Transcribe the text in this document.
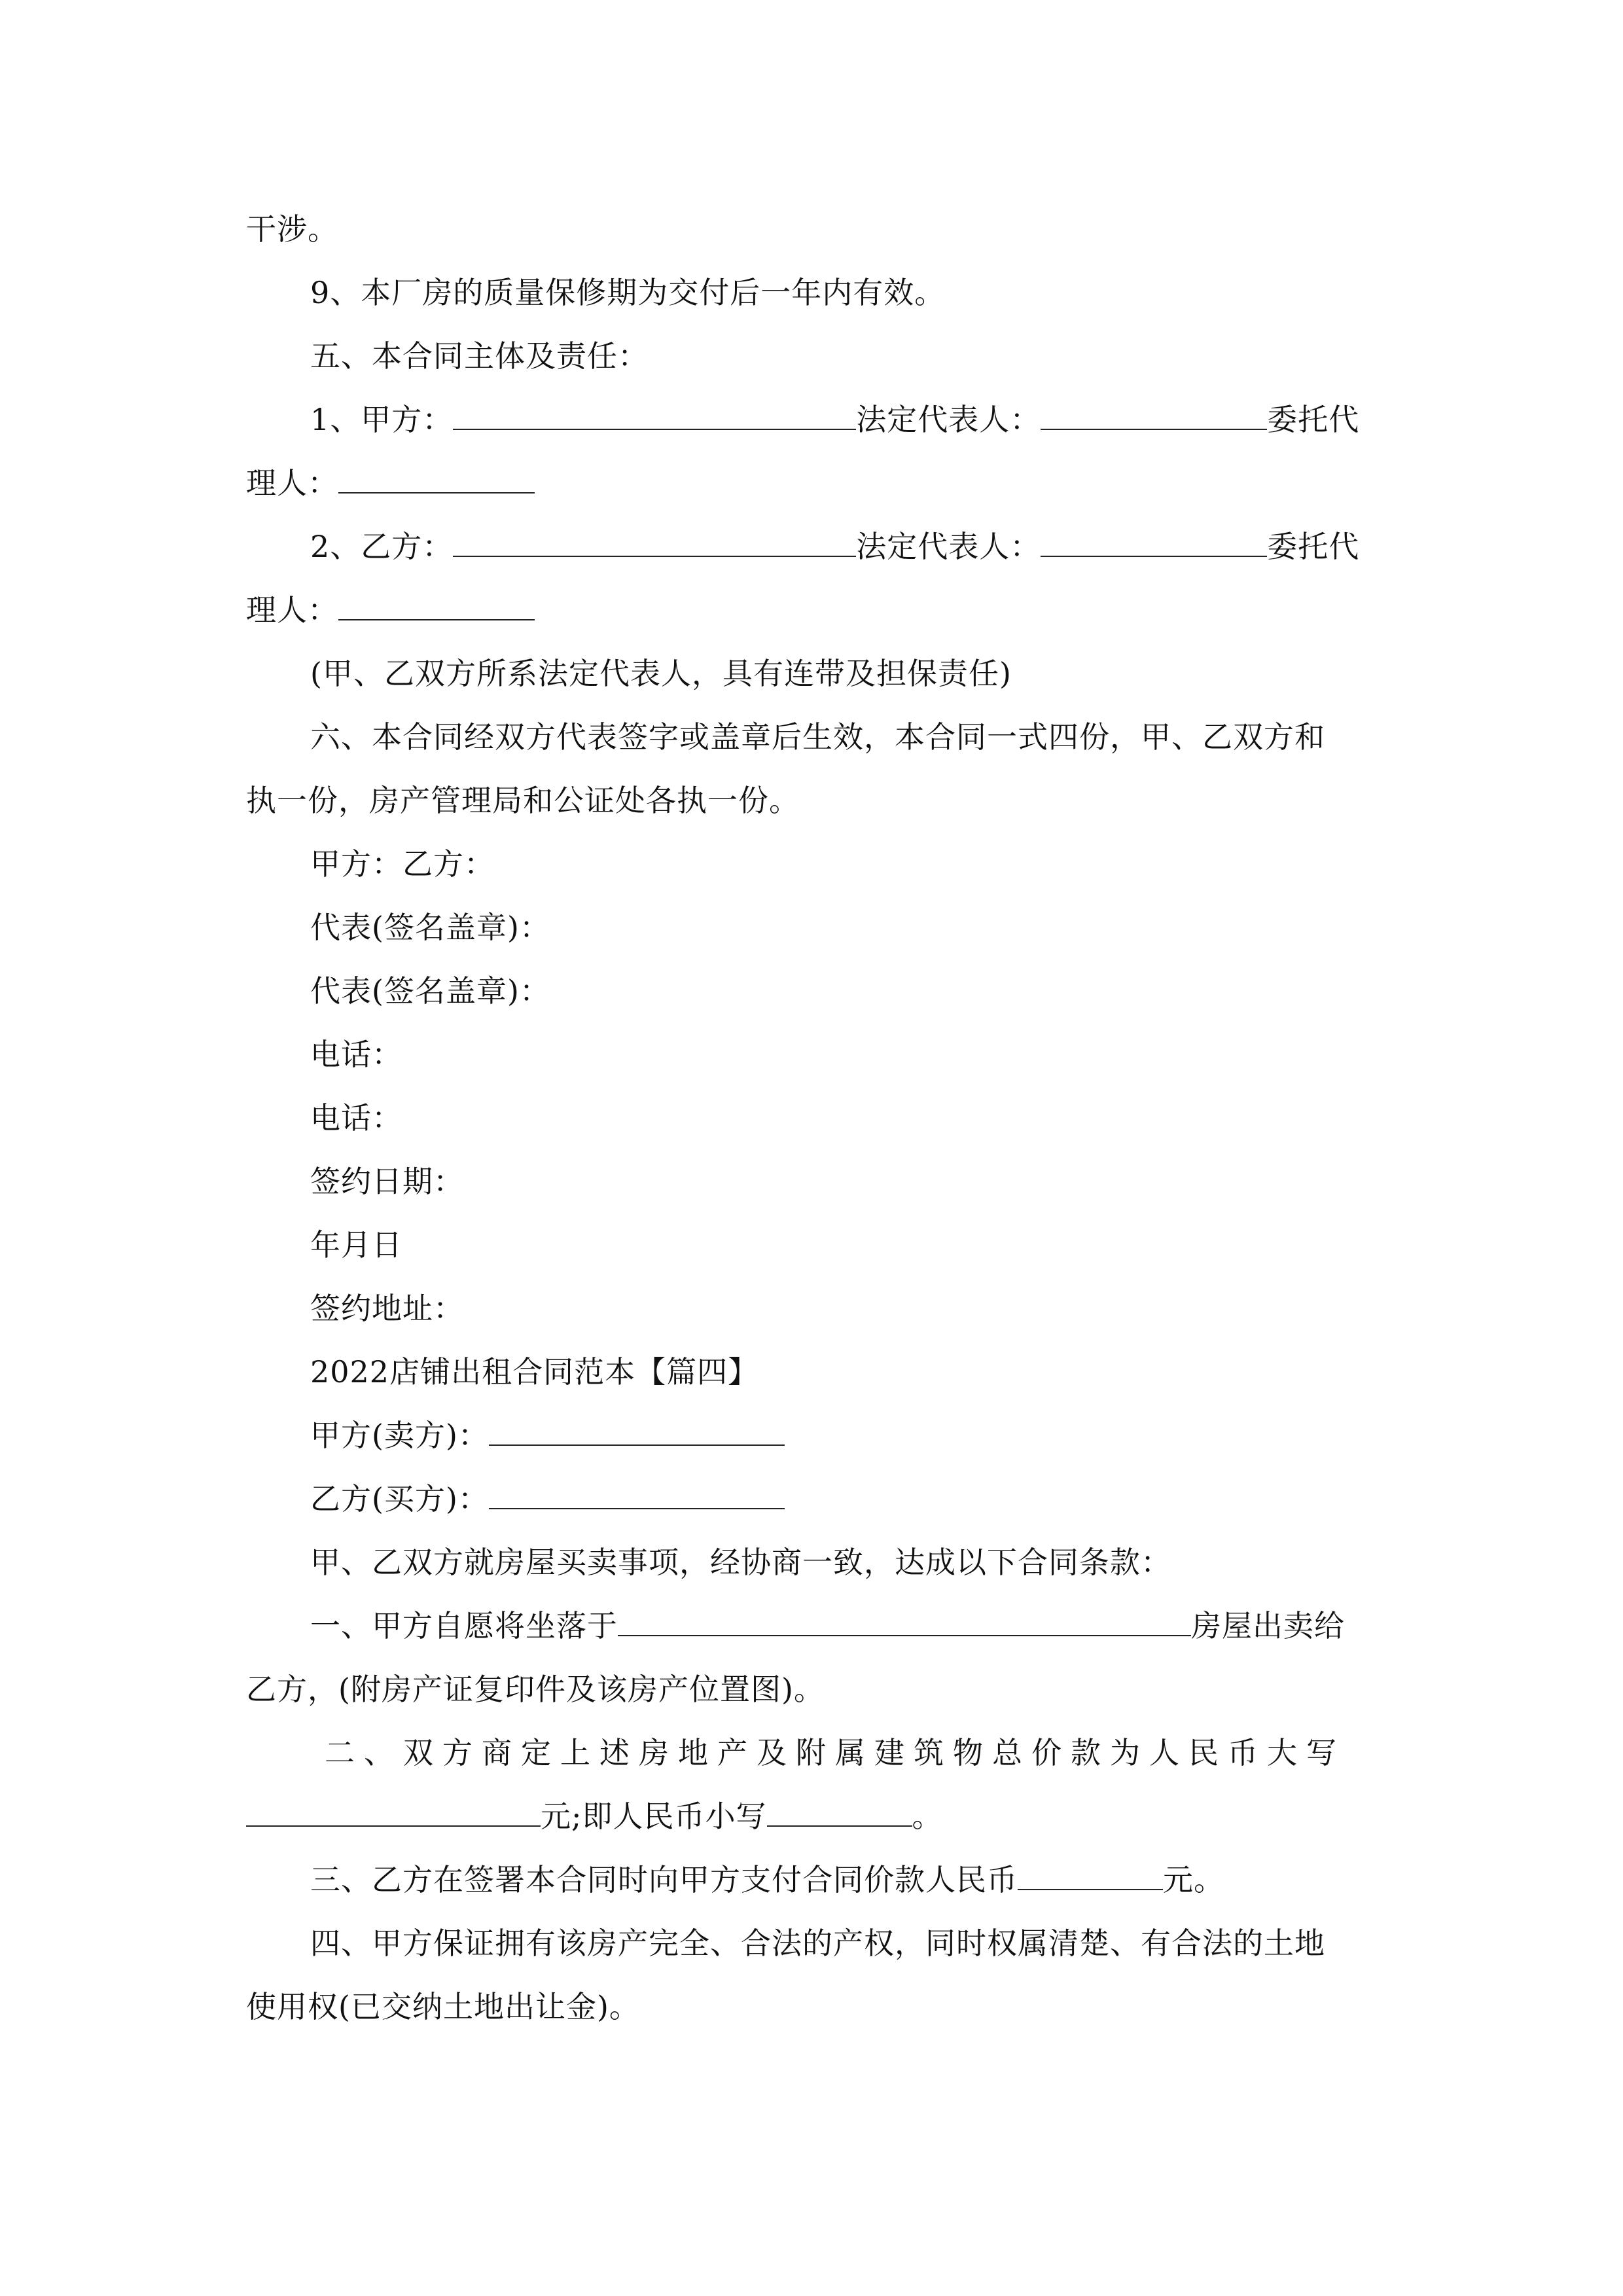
干涉。
9、本厂房的质量保修期为交付后一年内有效。
五、本合同主体及责任：
1、甲方：	法定代表人：	委托代
理人：
2、乙方：	法定代表人：	委托代
理人：
(甲、乙双方所系法定代表人，具有连带及担保责任)
六、本合同经双方代表签字或盖章后生效，本合同一式四份，甲、乙双方和
执一份，房产管理局和公证处各执一份。
甲方：乙方：
代表(签名盖章)：
代表(签名盖章)：
电话：
电话：
签约日期：
年月日
签约地址：
2022店铺出租合同范本【篇四】
甲方(卖方)：
乙方(买方)：
甲、乙双方就房屋买卖事项，经协商一致，达成以下合同条款：
一、甲方自愿将坐落于	房屋出卖给
乙方，(附房产证复印件及该房产位置图)。
二、双方商定上述房地产及附属建筑物总价款为人民币大写
元;即人民币小写	。
三、乙方在签署本合同时向甲方支付合同价款人民币	元。
四、甲方保证拥有该房产完全、合法的产权，同时权属清楚、有合法的土地
使用权(已交纳土地出让金)。
